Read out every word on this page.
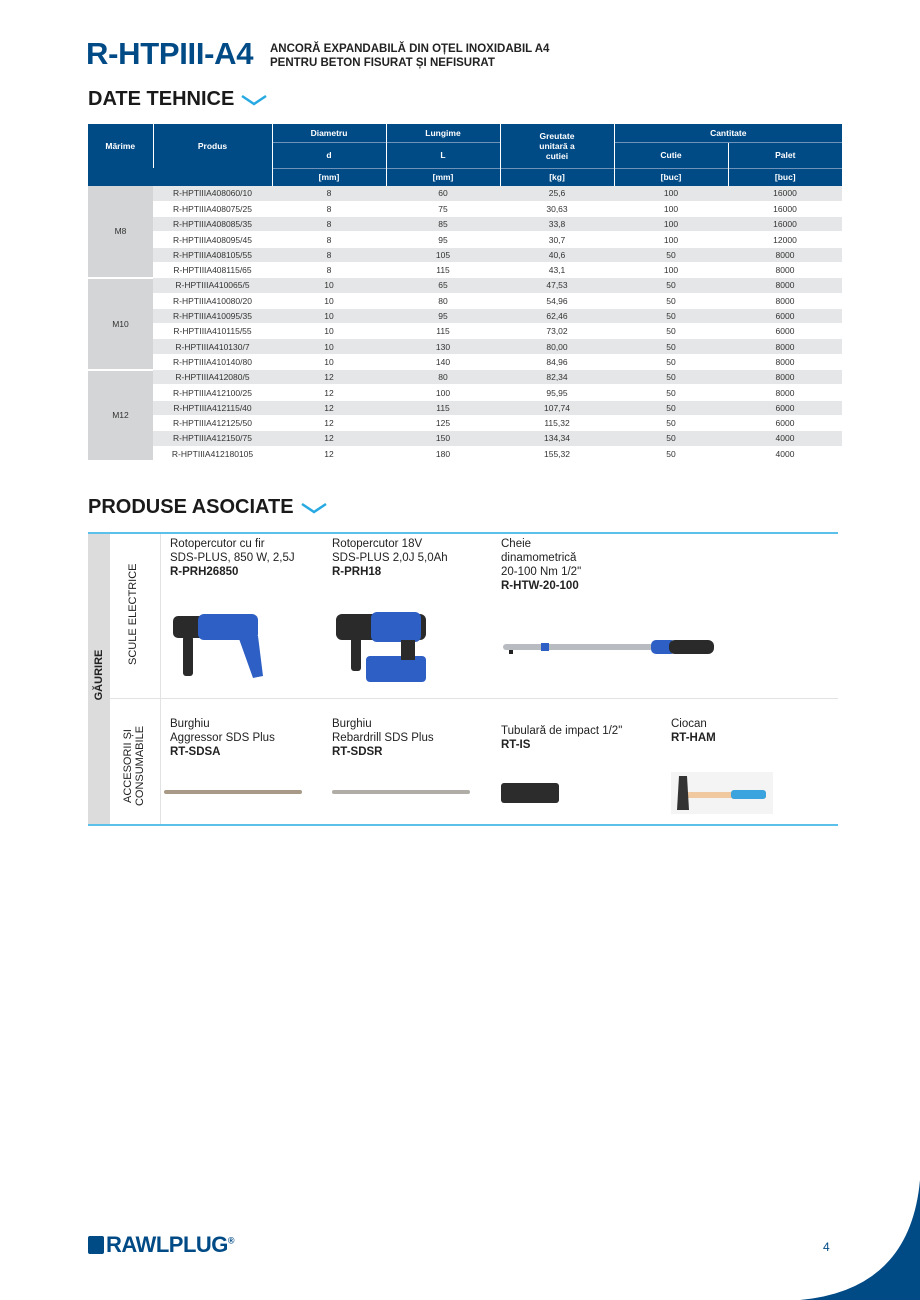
R-HTPIII-A4 ANCORĂ EXPANDABILĂ DIN OȚEL INOXIDABIL A4
PENTRU BETON FISURAT ȘI NEFISURAT
DATE TEHNICE
Mărime	Produs	Diametru	Lungime	Greutate unitară a cutiei	Cantitate	
		d	L		Cutie	Palet
		[mm]	[mm]	[kg]	[buc]	[buc]
M8	R-HPTIIIA408060/10	8	60	25,6	100	16000
	R-HPTIIIA408075/25	8	75	30,63	100	16000
	R-HPTIIIA408085/35	8	85	33,8	100	16000
	R-HPTIIIA408095/45	8	95	30,7	100	12000
	R-HPTIIIA408105/55	8	105	40,6	50	8000
	R-HPTIIIA408115/65	8	115	43,1	100	8000
M10	R-HPTIIIA410065/5	10	65	47,53	50	8000
	R-HPTIIIA410080/20	10	80	54,96	50	8000
	R-HPTIIIA410095/35	10	95	62,46	50	6000
	R-HPTIIIA410115/55	10	115	73,02	50	6000
	R-HPTIIIA410130/7	10	130	80,00	50	8000
	R-HPTIIIA410140/80	10	140	84,96	50	8000
M12	R-HPTIIIA412080/5	12	80	82,34	50	8000
	R-HPTIIIA412100/25	12	100	95,95	50	8000
	R-HPTIIIA412115/40	12	115	107,74	50	6000
	R-HPTIIIA412125/50	12	125	115,32	50	6000
	R-HPTIIIA412150/75	12	150	134,34	50	4000
	R-HPTIIIA412180105	12	180	155,32	50	4000
PRODUSE ASOCIATE
GĂURIRE
SCULE ELECTRICE
ACCESORII ȘI CONSUMABILE
Rotopercutor cu fir
SDS-PLUS, 850 W, 2,5J
R-PRH26850
Rotopercutor 18V
SDS-PLUS 2,0J 5,0Ah
R-PRH18
Cheie
dinamometrică
20-100 Nm 1/2"
R-HTW-20-100
Burghiu
Aggressor SDS Plus
RT-SDSA
Burghiu
Rebardrill SDS Plus
RT-SDSR
Tubulară de impact 1/2"
RT-IS
Ciocan
RT-HAM
RAWLPLUG®	4
